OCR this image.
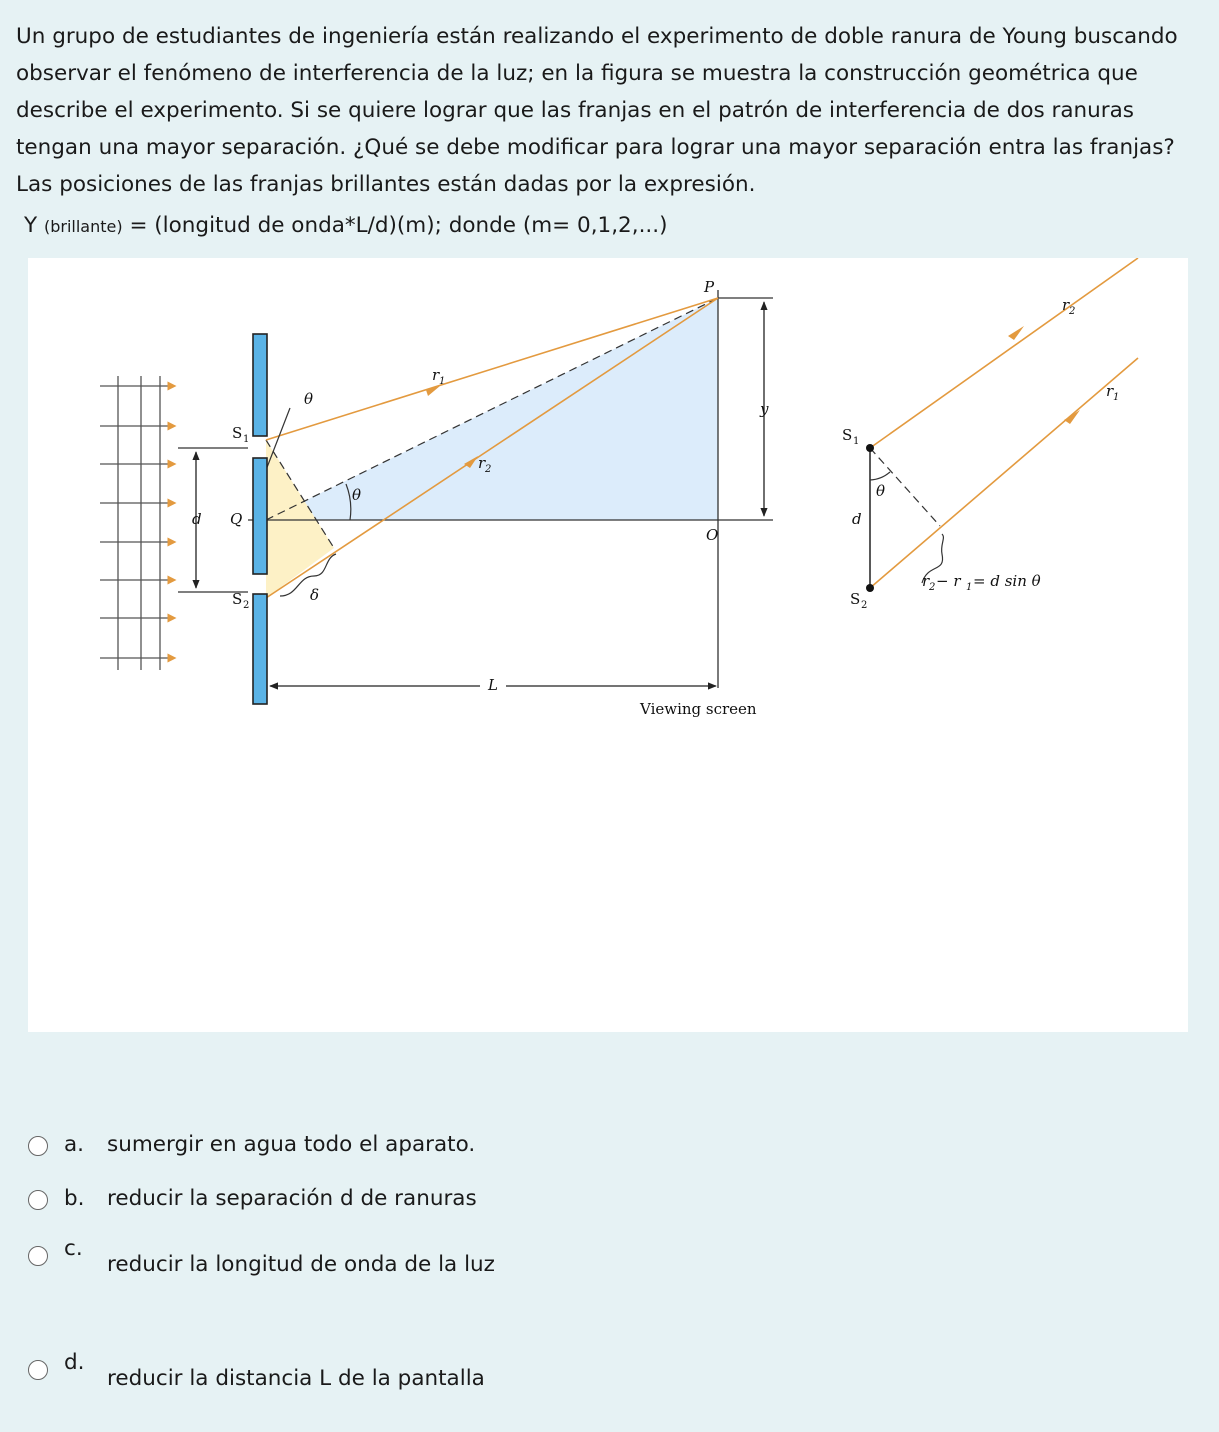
Un grupo de estudiantes de ingeniería están realizando el experimento de doble ranura de Young buscando observar el fenómeno de interferencia de la luz; en la figura se muestra la construcción geométrica que describe el experimento. Si se quiere lograr que las franjas en el patrón de interferencia de dos ranuras tengan una mayor separación. ¿Qué se debe modificar para lograr una mayor separación entra las franjas? Las posiciones de las franjas brillantes están dadas por la expresión.
Y (brillante) = (longitud de onda*L/d)(m); donde (m= 0,1,2,...)
P
r 1
θ
y
r 2
θ
d Q
O
δ
L
S 1
S 2
Viewing screen
r 2
r 1
θ
d
r 2 − r 1 = d sin θ
S 1
S 2
a. sumergir en agua todo el aparato.
b. reducir la separación d de ranuras
c.
reducir la longitud de onda de la luz
d.
reducir la distancia L de la pantalla
